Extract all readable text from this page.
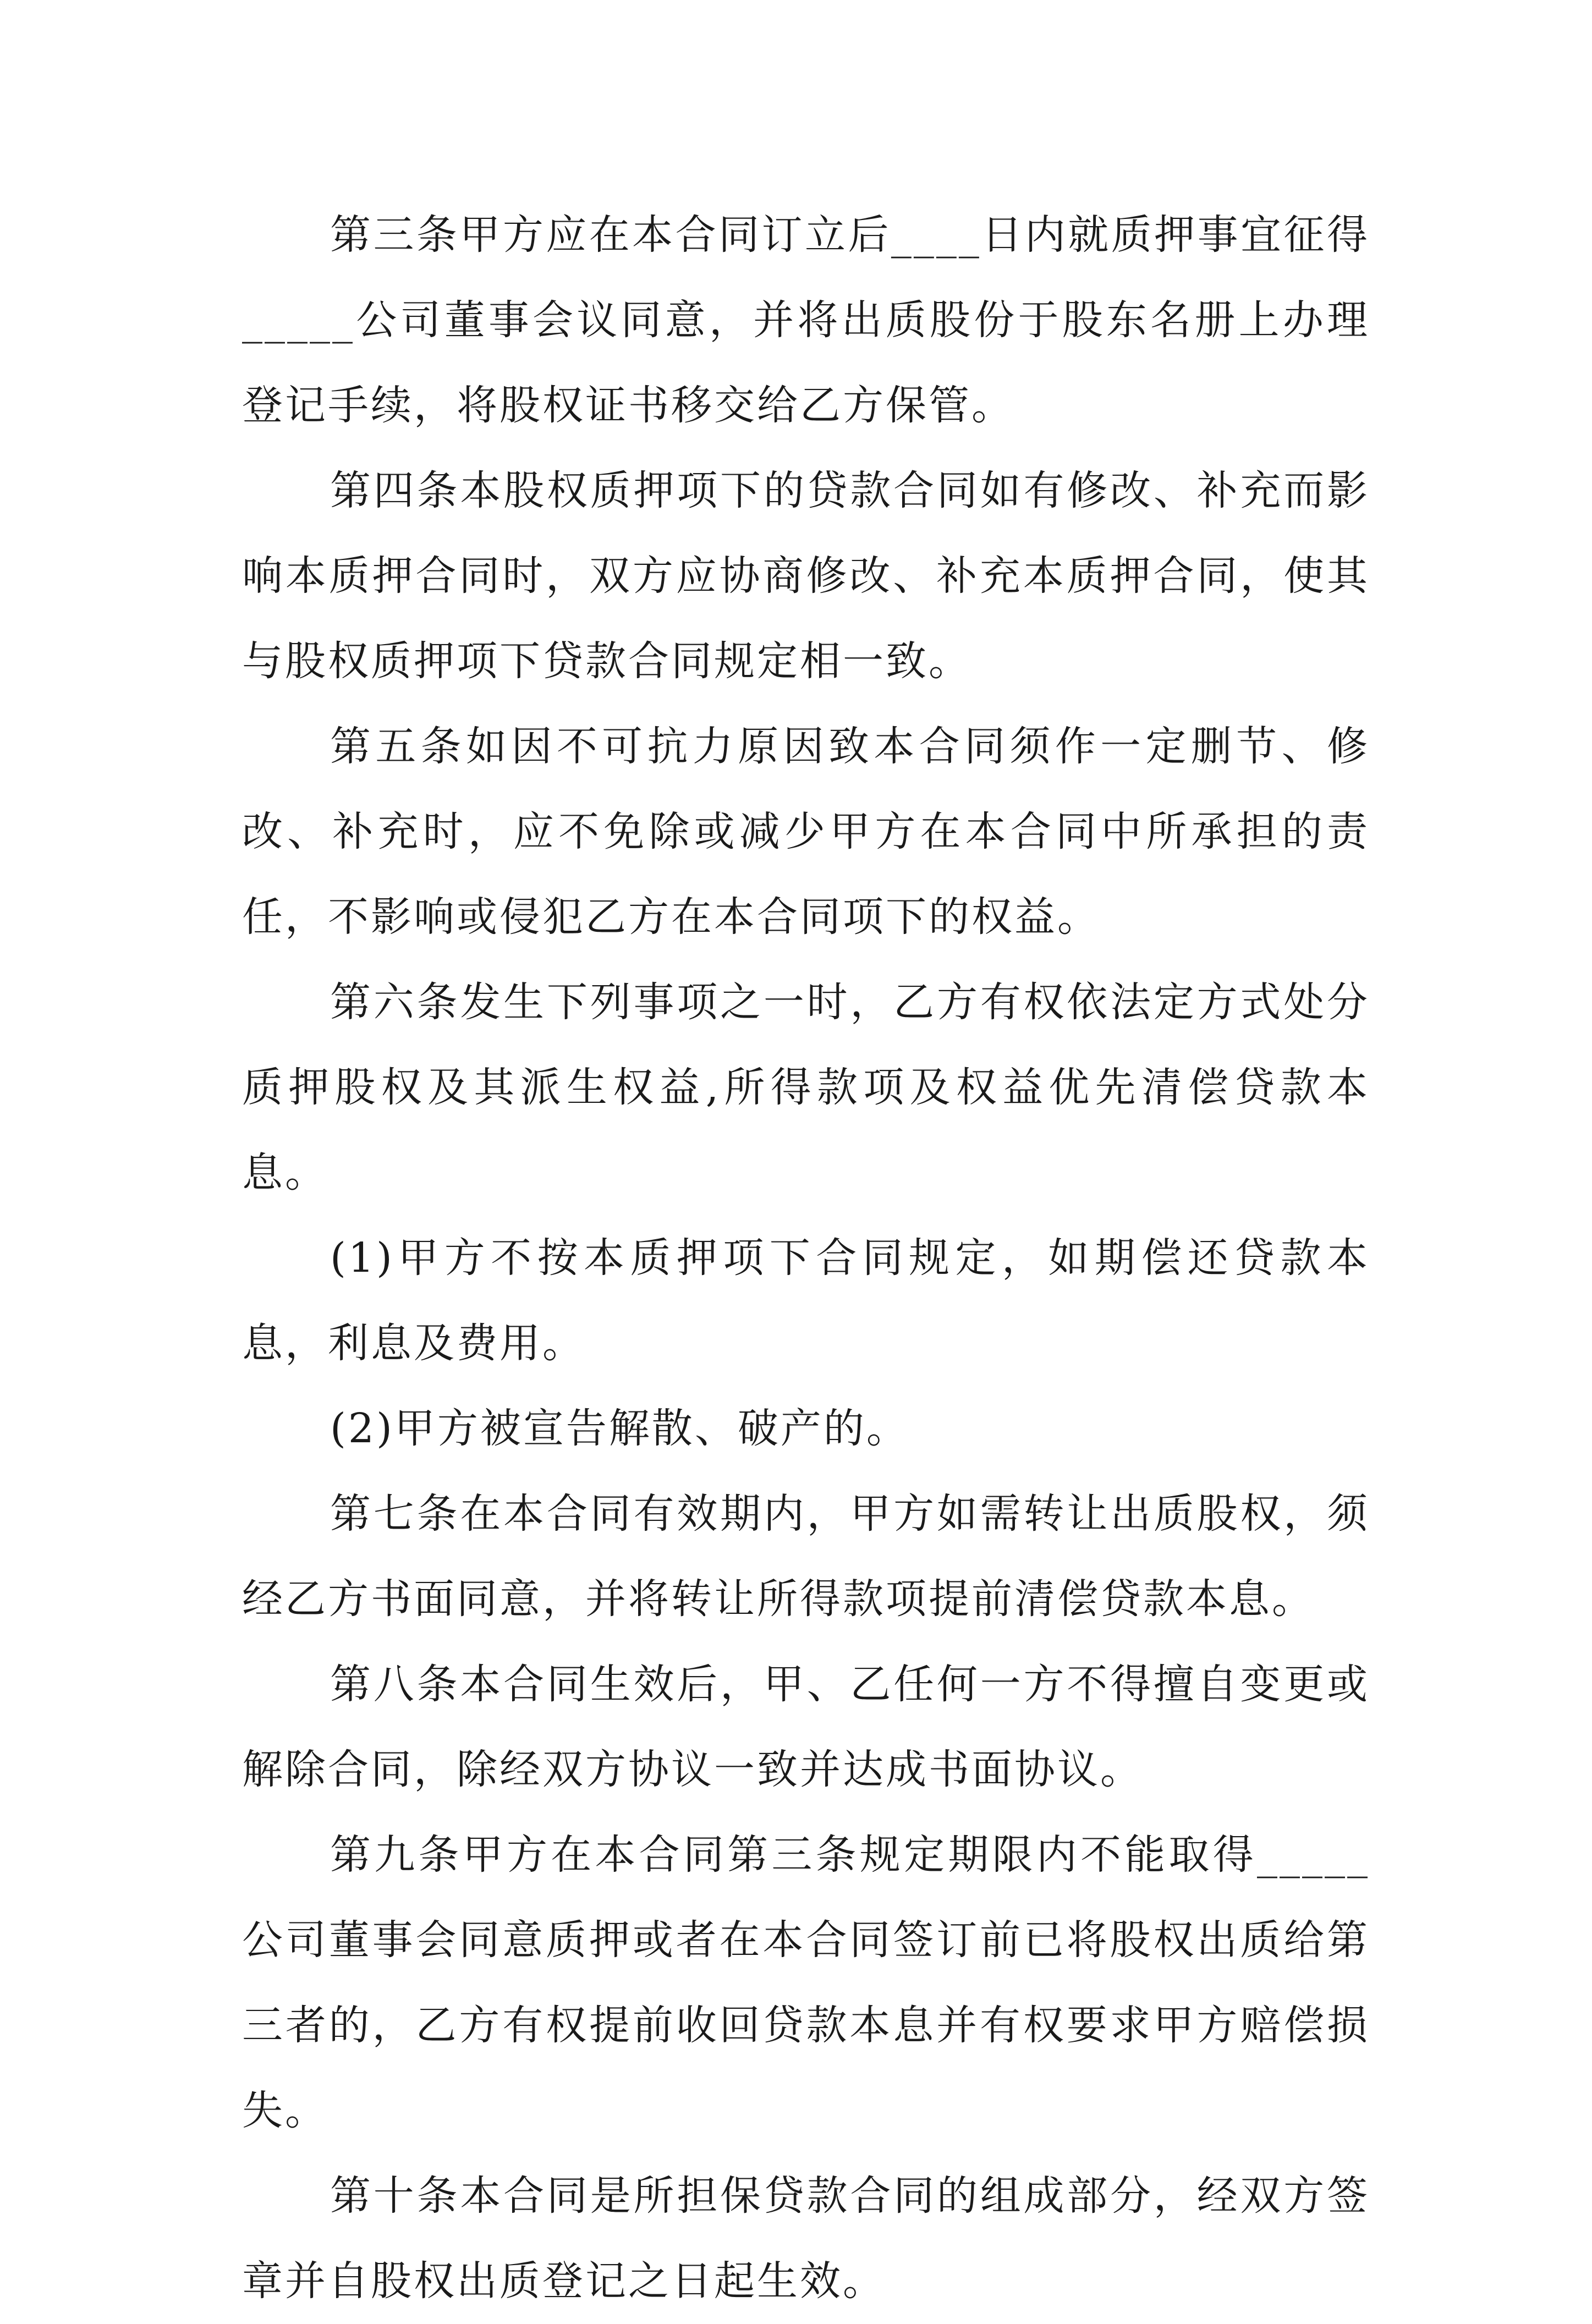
第三条甲方应在本合同订立后____日内就质押事宜征得_____公司董事会议同意，并将出质股份于股东名册上办理登记手续，将股权证书移交给乙方保管。

第四条本股权质押项下的贷款合同如有修改、补充而影响本质押合同时，双方应协商修改、补充本质押合同，使其与股权质押项下贷款合同规定相一致。

第五条如因不可抗力原因致本合同须作一定删节、修改、补充时，应不免除或减少甲方在本合同中所承担的责任，不影响或侵犯乙方在本合同项下的权益。

第六条发生下列事项之一时，乙方有权依法定方式处分质押股权及其派生权益,所得款项及权益优先清偿贷款本息。

(1)甲方不按本质押项下合同规定，如期偿还贷款本息，利息及费用。

(2)甲方被宣告解散、破产的。

第七条在本合同有效期内，甲方如需转让出质股权，须经乙方书面同意，并将转让所得款项提前清偿贷款本息。

第八条本合同生效后，甲、乙任何一方不得擅自变更或解除合同，除经双方协议一致并达成书面协议。

第九条甲方在本合同第三条规定期限内不能取得_____公司董事会同意质押或者在本合同签订前已将股权出质给第三者的，乙方有权提前收回贷款本息并有权要求甲方赔偿损失。

第十条本合同是所担保贷款合同的组成部分，经双方签章并自股权出质登记之日起生效。
